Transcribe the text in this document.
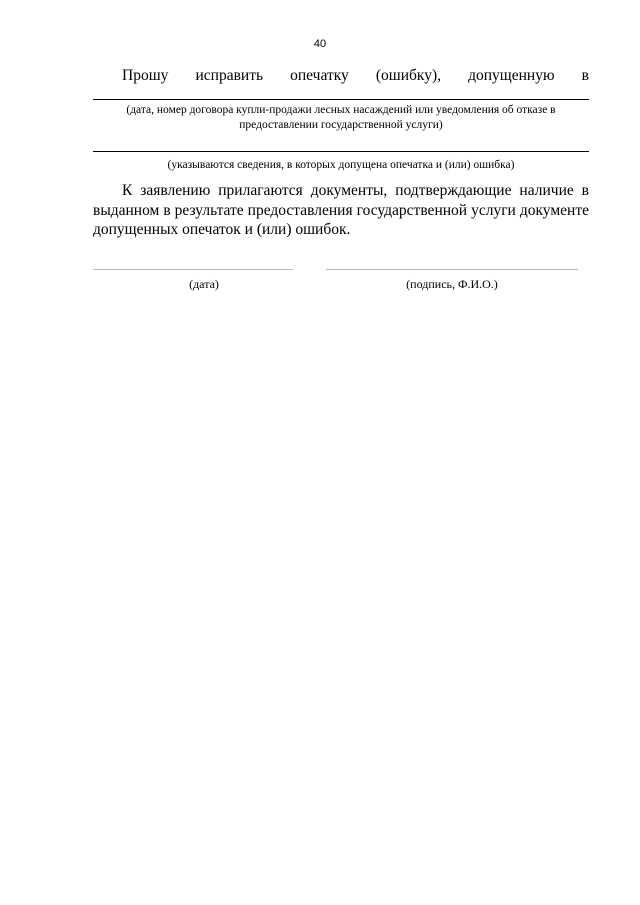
40
Прошу исправить опечатку (ошибку), допущенную в
(дата, номер договора купли-продажи лесных насаждений или уведомления об отказе в предоставлении государственной услуги)
(указываются сведения, в которых допущена опечатка и (или) ошибка)

К заявлению прилагаются документы, подтверждающие наличие в выданном в результате предоставления государственной услуги документе допущенных опечаток и (или) ошибок.

(дата)	(подпись, Ф.И.О.)
